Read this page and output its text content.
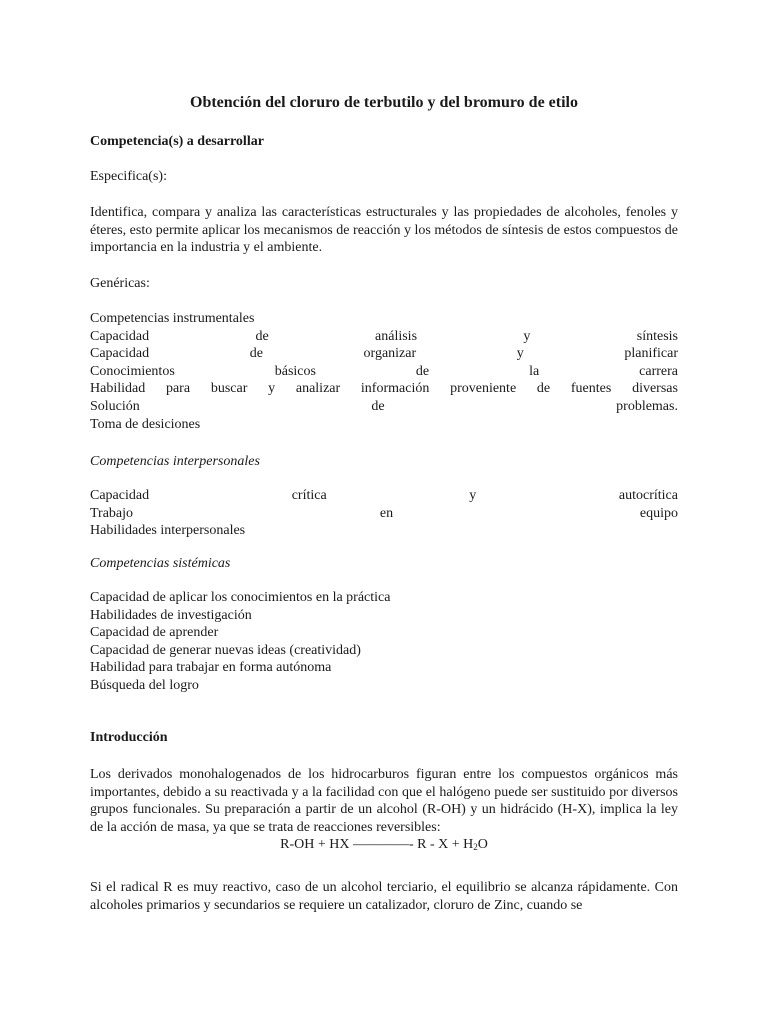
Obtención del cloruro de terbutilo y del bromuro de etilo
Competencia(s) a desarrollar
Especifica(s):
Identifica, compara y analiza las características estructurales y las propiedades de alcoholes, fenoles y éteres, esto permite aplicar los mecanismos de reacción y los métodos de síntesis de estos compuestos de importancia en la industria y el ambiente.
Genéricas:
Competencias instrumentales
Capacidad	de	análisis	y	síntesis
Capacidad	de	organizar	y	planificar
Conocimientos	básicos	de	la	carrera
Habilidad para buscar y analizar información proveniente de fuentes diversas
Solución	de	problemas.
Toma de desiciones
Competencias interpersonales
Capacidad	crítica	y	autocrítica
Trabajo	en	equipo
Habilidades interpersonales
Competencias sistémicas
Capacidad de aplicar los conocimientos en la práctica
Habilidades de investigación
Capacidad de aprender
Capacidad de generar nuevas ideas (creatividad)
Habilidad para trabajar en forma autónoma
Búsqueda del logro
Introducción
Los derivados monohalogenados de los hidrocarburos figuran entre los compuestos orgánicos más importantes, debido a su reactivada y a la facilidad con que el halógeno puede ser sustituido por diversos grupos funcionales. Su preparación a partir de un alcohol (R-OH) y un hidrácido (H-X), implica la ley de la acción de masa, ya que se trata de reacciones reversibles:
R-OH + HX ————- $R - X + H_2O$
Si el radical R es muy reactivo, caso de un alcohol terciario, el equilibrio se alcanza rápidamente. Con alcoholes primarios y secundarios se requiere un catalizador, cloruro de Zinc, cuando se
